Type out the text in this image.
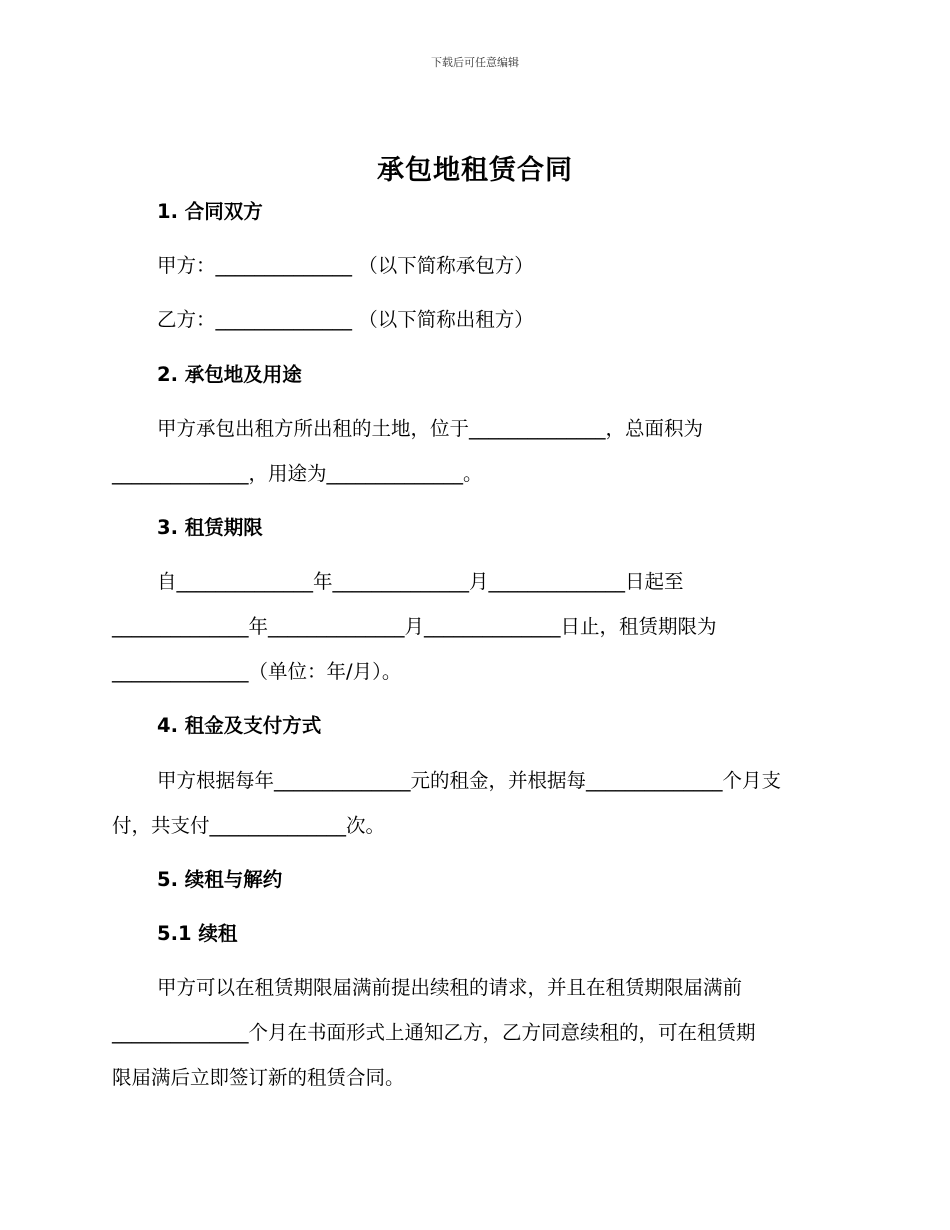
下载后可任意编辑
承包地租赁合同
1. 合同双方
甲方：______________ （以下简称承包方）
乙方：______________ （以下简称出租方）
2. 承包地及用途
甲方承包出租方所出租的土地，位于______________，总面积为
______________，用途为______________。
3. 租赁期限
自______________年______________月______________日起至
______________年______________月______________日止，租赁期限为
______________（单位：年/月）。
4. 租金及支付方式
甲方根据每年______________元的租金，并根据每______________个月支
付，共支付______________次。
5. 续租与解约
5.1 续租
甲方可以在租赁期限届满前提出续租的请求，并且在租赁期限届满前
______________个月在书面形式上通知乙方，乙方同意续租的，可在租赁期
限届满后立即签订新的租赁合同。
